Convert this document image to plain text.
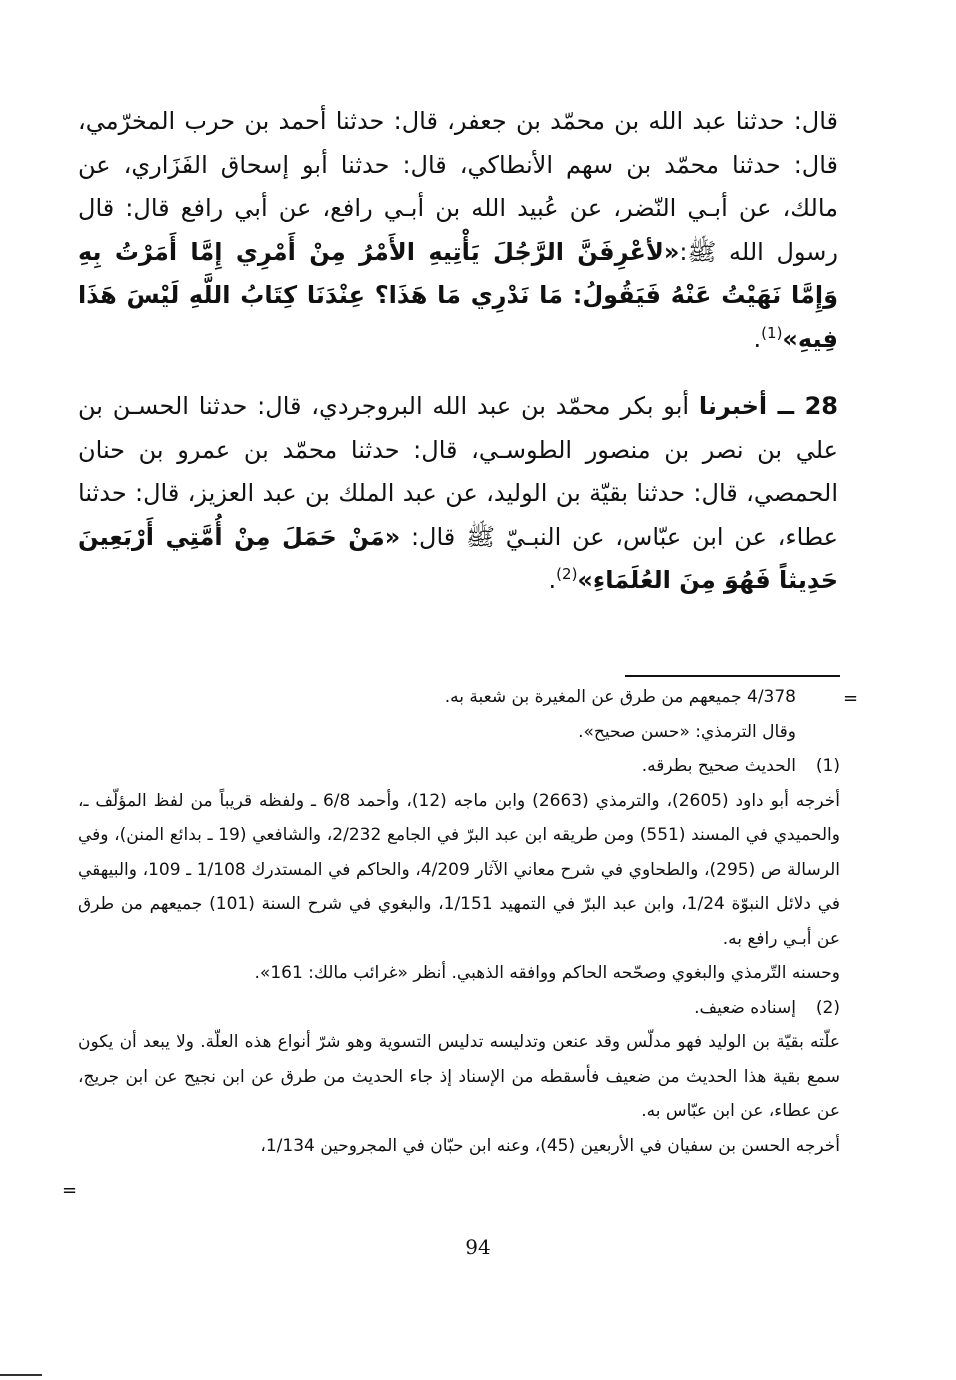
قال: حدثنا عبد الله بن محمّد بن جعفر، قال: حدثنا أحمد بن حرب المخرّمي، قال: حدثنا محمّد بن سهم الأنطاكي، قال: حدثنا أبو إسحاق الفَزَاري، عن مالك، عن أبـي النّضر، عن عُبيد الله بن أبـي رافع، عن أبي رافع قال: قال رسول الله ﷺ:«لأعْرِفَنَّ الرَّجُلَ يَأْتِيهِ الأَمْرُ مِنْ أَمْرِي إِمَّا أَمَرْتُ بِهِ وَإِمَّا نَهَيْتُ عَنْهُ فَيَقُولُ: مَا نَدْرِي مَا هَذَا؟ عِنْدَنَا كِتَابُ اللَّهِ لَيْسَ هَذَا فِيهِ»$^{(1)}$.

28 ــ أخبرنا أبو بكر محمّد بن عبد الله البروجردي، قال: حدثنا الحسـن بن علي بن نصر بن منصور الطوسـي، قال: حدثنا محمّد بن عمرو بن حنان الحمصي، قال: حدثنا بقيّة بن الوليد، عن عبد الملك بن عبد العزيز، قال: حدثنا عطاء، عن ابن عبّاس، عن النبـيّ ﷺ قال: «مَنْ حَمَلَ مِنْ أُمَّتِي أَرْبَعِينَ حَدِيثاً فَهُوَ مِنَ العُلَمَاءِ»$^{(2)}$.

=
4/378 جميعهم من طرق عن المغيرة بن شعبة به.
وقال الترمذي: «حسن صحيح».
(1)
الحديث صحيح بطرقه.

أخرجه أبو داود (2605)، والترمذي (2663) وابن ماجه (12)، وأحمد 6/8 ـ ولفظه قريباً من لفظ المؤلّف ـ، والحميدي في المسند (551) ومن طريقه ابن عبد البرّ في الجامع 2/232، والشافعي (19 ـ بدائع المنن)، وفي الرسالة ص (295)، والطحاوي في شرح معاني الآثار 4/209، والحاكم في المستدرك 1/108 ـ 109، والبيهقي في دلائل النبوّة 1/24، وابن عبد البرّ في التمهيد 1/151، والبغوي في شرح السنة (101) جميعهم من طرق عن أبـي رافع به.

وحسنه التّرمذي والبغوي وصحّحه الحاكم ووافقه الذهبي. أنظر «غرائب مالك: 161».

(2)
إسناده ضعيف.

علّته بقيّة بن الوليد فهو مدلّس وقد عنعن وتدليسه تدليس التسوية وهو شرّ أنواع هذه العلّة. ولا يبعد أن يكون سمع بقية هذا الحديث من ضعيف فأسقطه من الإسناد إذ جاء الحديث من طرق عن ابن نجيح عن ابن جريج، عن عطاء، عن ابن عبّاس به.

أخرجه الحسن بن سفيان في الأربعين (45)، وعنه ابن حبّان في المجروحين 1/134،

=
94
